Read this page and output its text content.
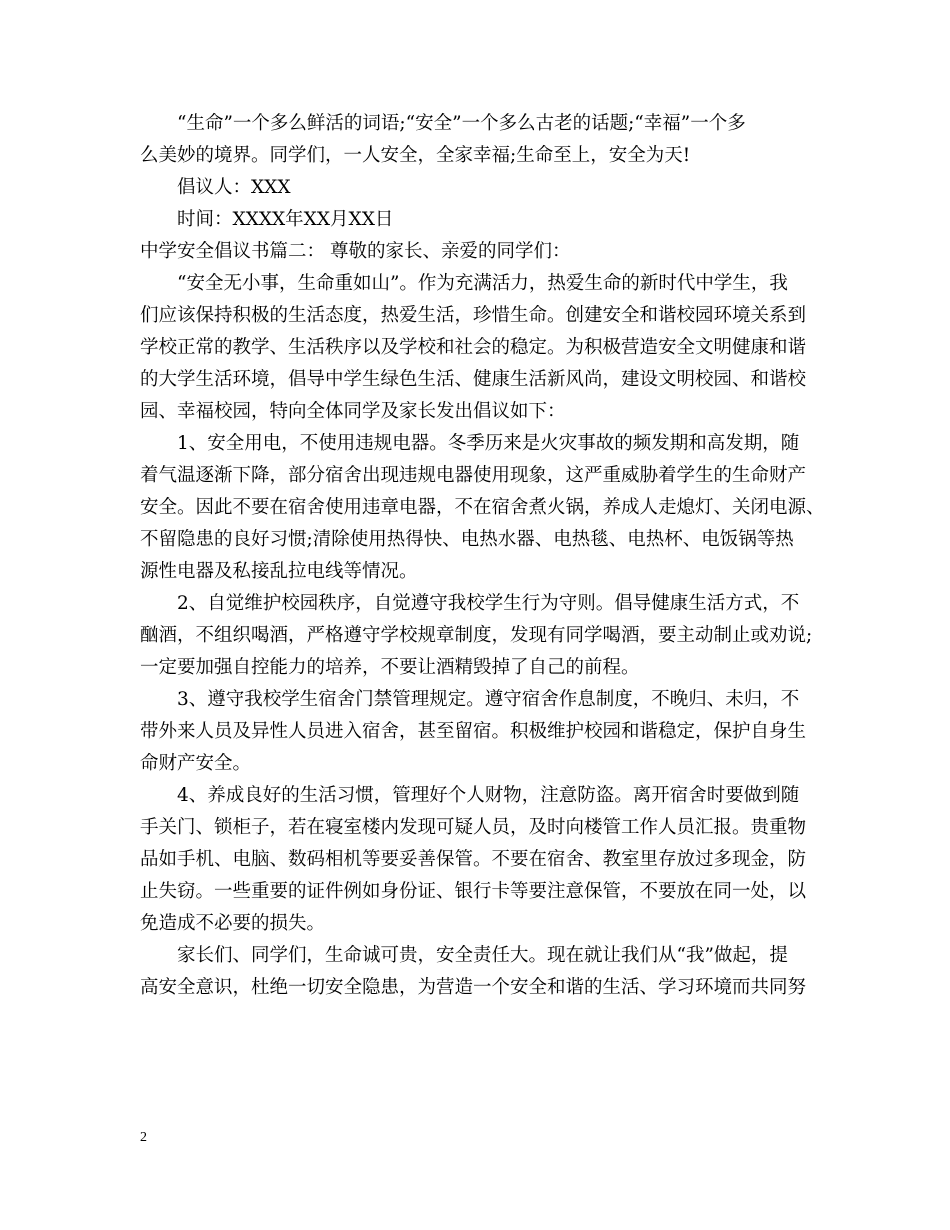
“生命”一个多么鲜活的词语;“安全”一个多么古老的话题;“幸福”一个多
么美妙的境界。同学们，一人安全，全家幸福;生命至上，安全为天!
倡议人：XXX
时间：XXXX年XX月XX日
中学安全倡议书篇二： 尊敬的家长、亲爱的同学们：
“安全无小事，生命重如山”。作为充满活力，热爱生命的新时代中学生，我
们应该保持积极的生活态度，热爱生活，珍惜生命。创建安全和谐校园环境关系到
学校正常的教学、生活秩序以及学校和社会的稳定。为积极营造安全文明健康和谐
的大学生活环境，倡导中学生绿色生活、健康生活新风尚，建设文明校园、和谐校
园、幸福校园，特向全体同学及家长发出倡议如下：
1、安全用电，不使用违规电器。冬季历来是火灾事故的频发期和高发期，随
着气温逐渐下降，部分宿舍出现违规电器使用现象，这严重威胁着学生的生命财产
安全。因此不要在宿舍使用违章电器，不在宿舍煮火锅，养成人走熄灯、关闭电源、
不留隐患的良好习惯;清除使用热得快、电热水器、电热毯、电热杯、电饭锅等热
源性电器及私接乱拉电线等情况。
2、自觉维护校园秩序，自觉遵守我校学生行为守则。倡导健康生活方式，不
酗酒，不组织喝酒，严格遵守学校规章制度，发现有同学喝酒，要主动制止或劝说;
一定要加强自控能力的培养，不要让酒精毁掉了自己的前程。
3、遵守我校学生宿舍门禁管理规定。遵守宿舍作息制度，不晚归、未归，不
带外来人员及异性人员进入宿舍，甚至留宿。积极维护校园和谐稳定，保护自身生
命财产安全。
4、养成良好的生活习惯，管理好个人财物，注意防盗。离开宿舍时要做到随
手关门、锁柜子，若在寝室楼内发现可疑人员，及时向楼管工作人员汇报。贵重物
品如手机、电脑、数码相机等要妥善保管。不要在宿舍、教室里存放过多现金，防
止失窃。一些重要的证件例如身份证、银行卡等要注意保管，不要放在同一处，以
免造成不必要的损失。
家长们、同学们，生命诚可贵，安全责任大。现在就让我们从“我”做起，提
高安全意识，杜绝一切安全隐患，为营造一个安全和谐的生活、学习环境而共同努
2
